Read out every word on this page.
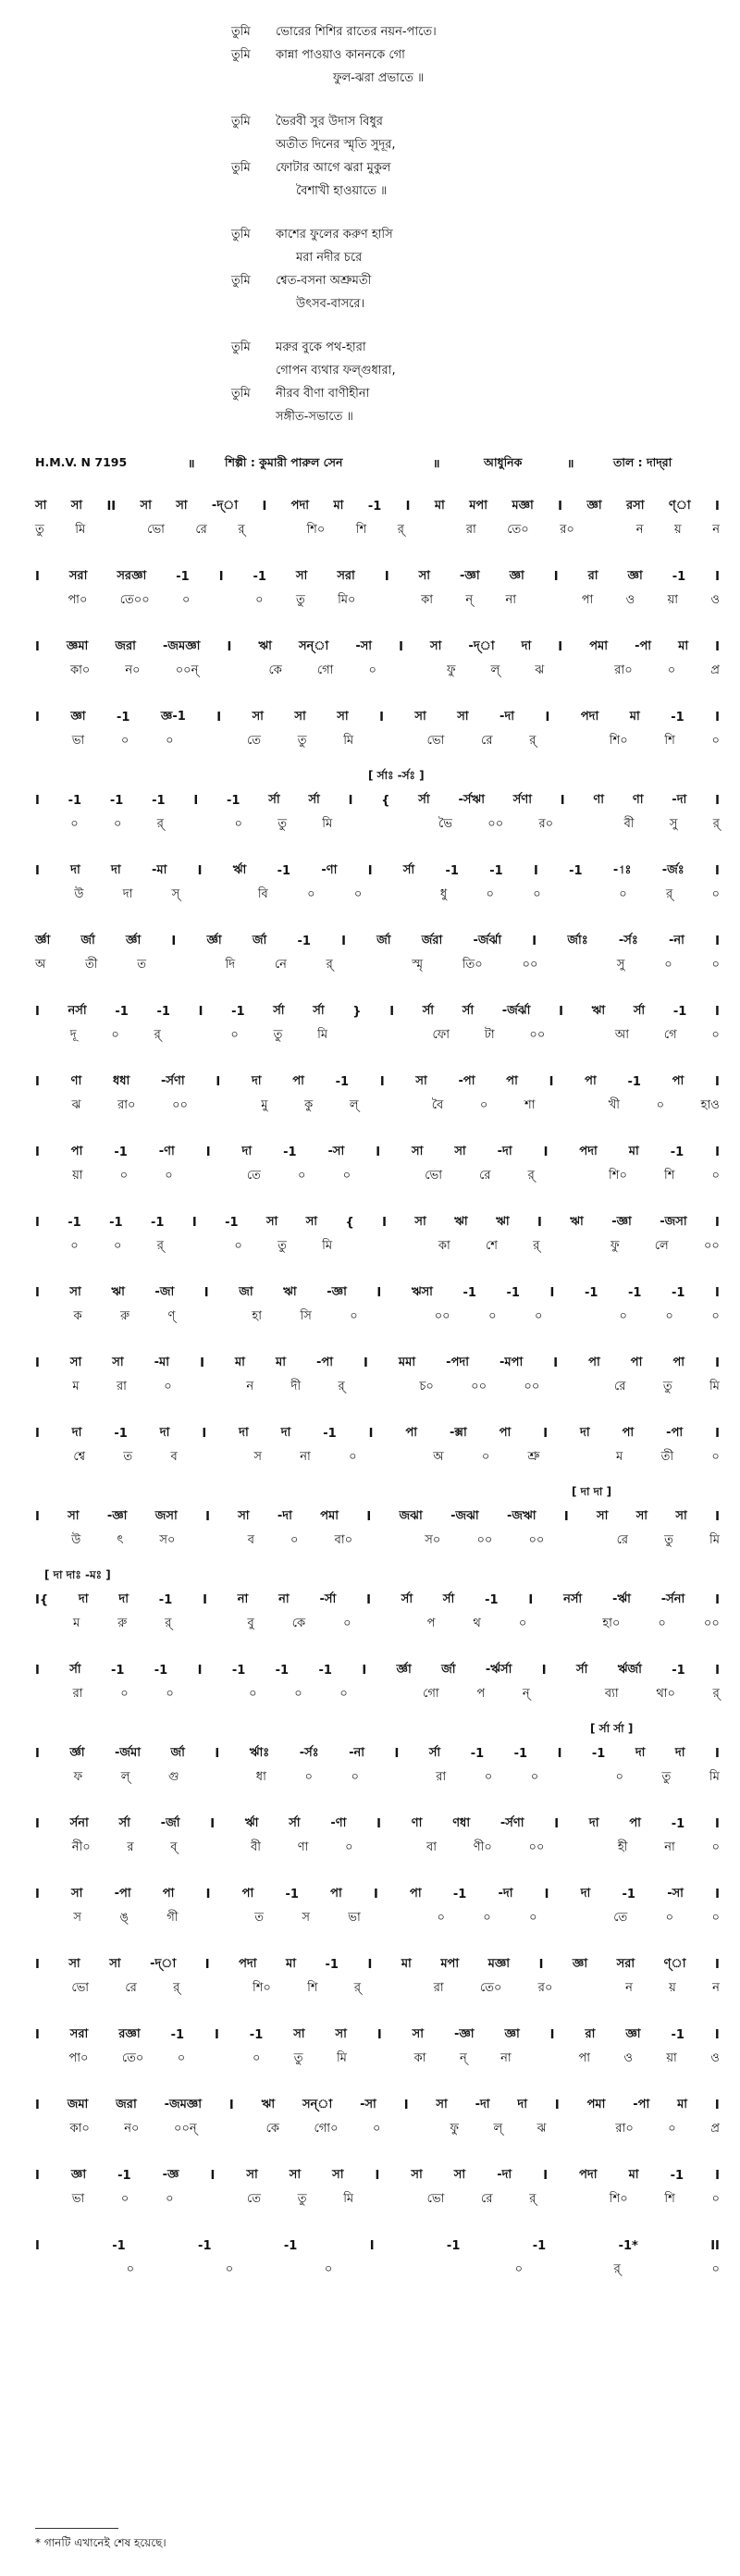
তুমি ভোরের শিশির রাতের নয়ন-পাতে।
তুমি কান্না পাওয়াও কাননকে গো
ফুল-ঝরা প্রভাতে ॥
তুমি ভৈরবী সুর উদাস বিধুর
অতীত দিনের স্মৃতি সুদূর,
তুমি ফোটার আগে ঝরা মুকুল
বৈশাখী হাওয়াতে ॥
তুমি কাশের ফুলের করুণ হাসি
মরা নদীর চরে
তুমি শ্বেত-বসনা অশ্রুমতী
উৎসব-বাসরে।
তুমি মরুর বুকে পথ-হারা
গোপন ব্যথার ফল্গুধারা,
তুমি নীরব বীণা বাণীহীনা
সঙ্গীত-সভাতে ॥
H.M.V. N 7195	॥	শিল্পী : কুমারী পারুল সেন	॥	আধুনিক	॥	তাল : দাদ্‌রা
সা সা II সা সা -দ্‌া I পদা মা -1 I মা মপা মজ্ঞা I জ্ঞা রসা ণ্‌া I
তু	মি	ভো	রে	র্	শি০	শি	র্	রা	তে০	র০	ন	য়	ন
I সরা সরজ্ঞা -1 I -1 সা সরা I সা -জ্ঞা জ্ঞা I রা জ্ঞা -1 I
পা০	তে০০	০	০	তু	মি০	কা	ন্	না	পা	ও	য়া	ও
I জ্ঞমা জরা -জমজ্ঞা I ঋা সন্‌া -সা I সা -দ্‌া দা I পমা -পা মা I
কা০	ন০	০০ন্	কে	গো	০	ফু	ল্	ঝ	রা০	০	প্র
I	জ্ঞা	-1	জ্ঞ-1	I	সা	সা	সা	I	সা	সা	-দা	I	পদা	মা	-1	I
ভা	০	০	তে	তু	মি	ভো	রে	র্	শি০	শি	০
[ র্সাঃ -র্সঃ ]
I -1 -1 -1 I -1 র্সা র্সা I { র্সা -র্সঋা র্সণা I ণা ণা -দা I
০	০	র্	০	তু	মি	ভৈ	০০	র০	বী	সু	র্
I	দা	দা	-মা	I	র্ঋা	-1	-ণা	I	র্সা	-1	-1	I	-1	-1ঃ	-র্জঃ	I
উ	দা	স্	বি	০	০	ধু	০	০	০	র্	০
র্জ্ঞা	র্জা	র্জ্ঞা	I	র্জ্ঞা	র্জা	-1	I	র্জা	র্জরা	-র্জর্ঝা	I	র্জাঃ	-র্সঃ	-না	I
অ	তী	ত	দি	নে	র্	স্মৃ	তি০	০০	সু	০	০
I নর্সা -1 -1 I -1 র্সা র্সা } I র্সা র্সা -র্জর্ঝা I ঋা র্সা -1 I
দূ	০	র্	০	তু	মি	ফো	টা	০০	আ	গে	০
I	ণা	ধধা	-র্সণা	I	দা	পা	-1	I	সা	-পা	পা	I	পা	-1	পা	I
ঝ	রা০	০০	মু	কু	ল্	বৈ	০	শা	খী	০	হাও
I	পা	-1	-ণা	I	দা	-1	-সা	I	সা	সা	-দা	I	পদা	মা	-1	I
য়া	০	০	তে	০	০	ভো	রে	র্	শি০	শি	০
I -1 -1 -1 I -1 সা সা { I সা ঋা ঋা I ঋা -জ্ঞা -জসা I
০	০	র্	০	তু	মি	কা	শে	র্	ফু	লে	০০
I	সা	ঋা	-জা	I	জা	ঋা	-জ্ঞা	I	ঋসা	-1	-1	I	-1	-1	-1	I
ক	রু	ণ্	হা	সি	০	০০	০	০	০	০	০
I	সা	সা	-মা	I	মা	মা	-পা	I	মমা	-পদা	-মপা	I	পা	পা	পা	I
ম	রা	০	ন	দী	র্	চ০	০০	০০	রে	তু	মি
I	দা	-1	দা	I	দা	দা	-1	I	পা	-ক্সা	পা	I	দা	পা	-পা	I
শ্বে	ত	ব	স	না	০	অ	০	শ্রু	ম	তী	০
[ দা দা ]
I সা -জ্ঞা জসা I সা -দা পমা I জঝা -জঝা -জঋা I সা সা সা I
উ	ৎ	স০	ব	০	বা০	স০	০০	০০	রে	তু	মি
[ দা দাঃ -মঃ ]
I{	দা	দা	-1	I	না	না	-র্সা	I	র্সা	র্সা	-1	I	নর্সা	-র্ঋা	-র্সনা	I
ম	রু	র্	বু	কে	০	প	থ	০	হা০	০	০০
I র্সা -1 -1 I -1 -1 -1 I র্জ্ঞা র্জা -র্ঋর্সা I র্সা র্ঋর্জা -1 I
রা	০	০	০	০	০	গো	প	ন্	ব্যা	থা০	র্
[ র্সা র্সা ]
I র্জ্ঞা -র্জমা র্জা I র্ঋাঃ -র্সঃ -না I র্সা -1 -1 I -1 দা দা I
ফ	ল্	গু	ধা	০	০	রা	০	০	০	তু	মি
I	র্সনা	র্সা	-র্জা	I	র্ঋা	র্সা	-ণা	I	ণা	ণধা	-র্সণা	I	দা	পা	-1	I
নী০	র	ব্	বী	ণা	০	বা	ণী০	০০	হী	না	০
I	সা	-পা	পা	I	পা	-1	পা	I	পা	-1	-দা	I	দা	-1	-সা	I
স	ঙ্	গী	ত	স	ভা	০	০	০	তে	০	০
I সা সা -দ্‌া I পদা মা -1 I মা মপা মজ্ঞা I জ্ঞা সরা ণ্‌া I
ভো	রে	র্	শি০	শি	র্	রা	তে০	র০	ন	য়	ন
I	সরা	রজ্ঞা	-1	I	-1	সা	সা	I	সা	-জ্ঞা	জ্ঞা	I	রা	জ্ঞা	-1	I
পা০	তে০	০	০	তু	মি	কা	ন্	না	পা	ও	য়া	ও
I জমা জরা -জমজ্ঞা I ঋা সন্‌া -সা I সা -দা দা I পমা -পা মা I
কা০	ন০	০০ন্	কে	গো০	০	ফু	ল্	ঝ	রা০	০	প্র
I	জ্ঞা	-1	-জ্ঞ	I	সা	সা	সা	I	সা	সা	-দা	I	পদা	মা	-1	I
ভা	০	০	তে	তু	মি	ভো	রে	র্	শি০	শি	০
I	-1	-1	-1	I	-1	-1	-1*	II
০	০	০	০	র্	০
* গানটি এখানেই শেষ হয়েছে।
